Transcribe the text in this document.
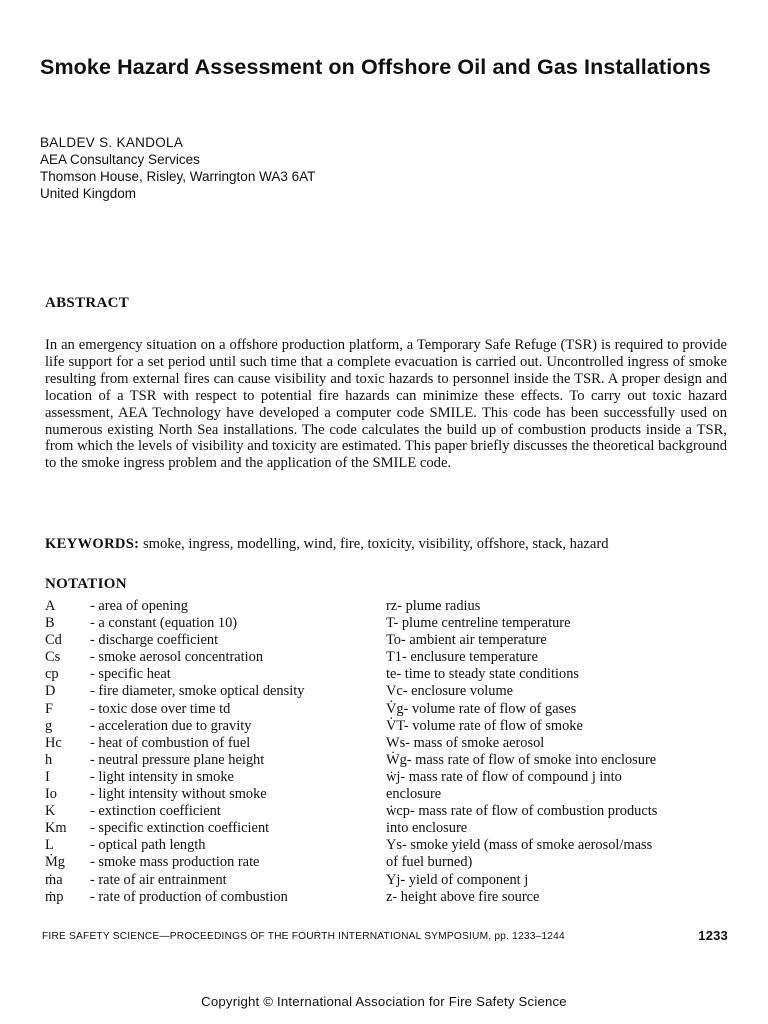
Smoke Hazard Assessment on Offshore Oil and Gas Installations
BALDEV S. KANDOLA
AEA Consultancy Services
Thomson House, Risley, Warrington WA3 6AT
United Kingdom
ABSTRACT
In an emergency situation on a offshore production platform, a Temporary Safe Refuge (TSR) is required to provide life support for a set period until such time that a complete evacuation is carried out. Uncontrolled ingress of smoke resulting from external fires can cause visibility and toxic hazards to personnel inside the TSR. A proper design and location of a TSR with respect to potential fire hazards can minimize these effects. To carry out toxic hazard assessment, AEA Technology have developed a computer code SMILE. This code has been successfully used on numerous existing North Sea installations. The code calculates the build up of combustion products inside a TSR, from which the levels of visibility and toxicity are estimated. This paper briefly discusses the theoretical background to the smoke ingress problem and the application of the SMILE code.
KEYWORDS: smoke, ingress, modelling, wind, fire, toxicity, visibility, offshore, stack, hazard
NOTATION
A - area of opening
B - a constant (equation 10)
Cd - discharge coefficient
Cs - smoke aerosol concentration
cp - specific heat
D - fire diameter, smoke optical density
F	- toxic dose over time td
g	- acceleration due to gravity
Hc - heat of combustion of fuel
h	- neutral pressure plane height
I	- light intensity in smoke
Io - light intensity without smoke
K - extinction coefficient
Km - specific extinction coefficient
L	- optical path length
Ṁg - smoke mass production rate
ṁa - rate of air entrainment
ṁp - rate of production of combustion
rz- plume radius
T- plume centreline temperature
To- ambient air temperature
T1- enclusure temperature
te- time to steady state conditions
Vc- enclosure volume
V̇g- volume rate of flow of gases
V̇T- volume rate of flow of smoke
Ws- mass of smoke aerosol
Ẇg- mass rate of flow of smoke into enclosure
ẇj- mass rate of flow of compound j into
enclosure
ẇcp- mass rate of flow of combustion products
into enclosure
Ys- smoke yield (mass of smoke aerosol/mass
of fuel burned)
Yj- yield of component j
z- height above fire source
FIRE SAFETY SCIENCE—PROCEEDINGS OF THE FOURTH INTERNATIONAL SYMPOSIUM, pp. 1233–1244	1233
Copyright © International Association for Fire Safety Science
